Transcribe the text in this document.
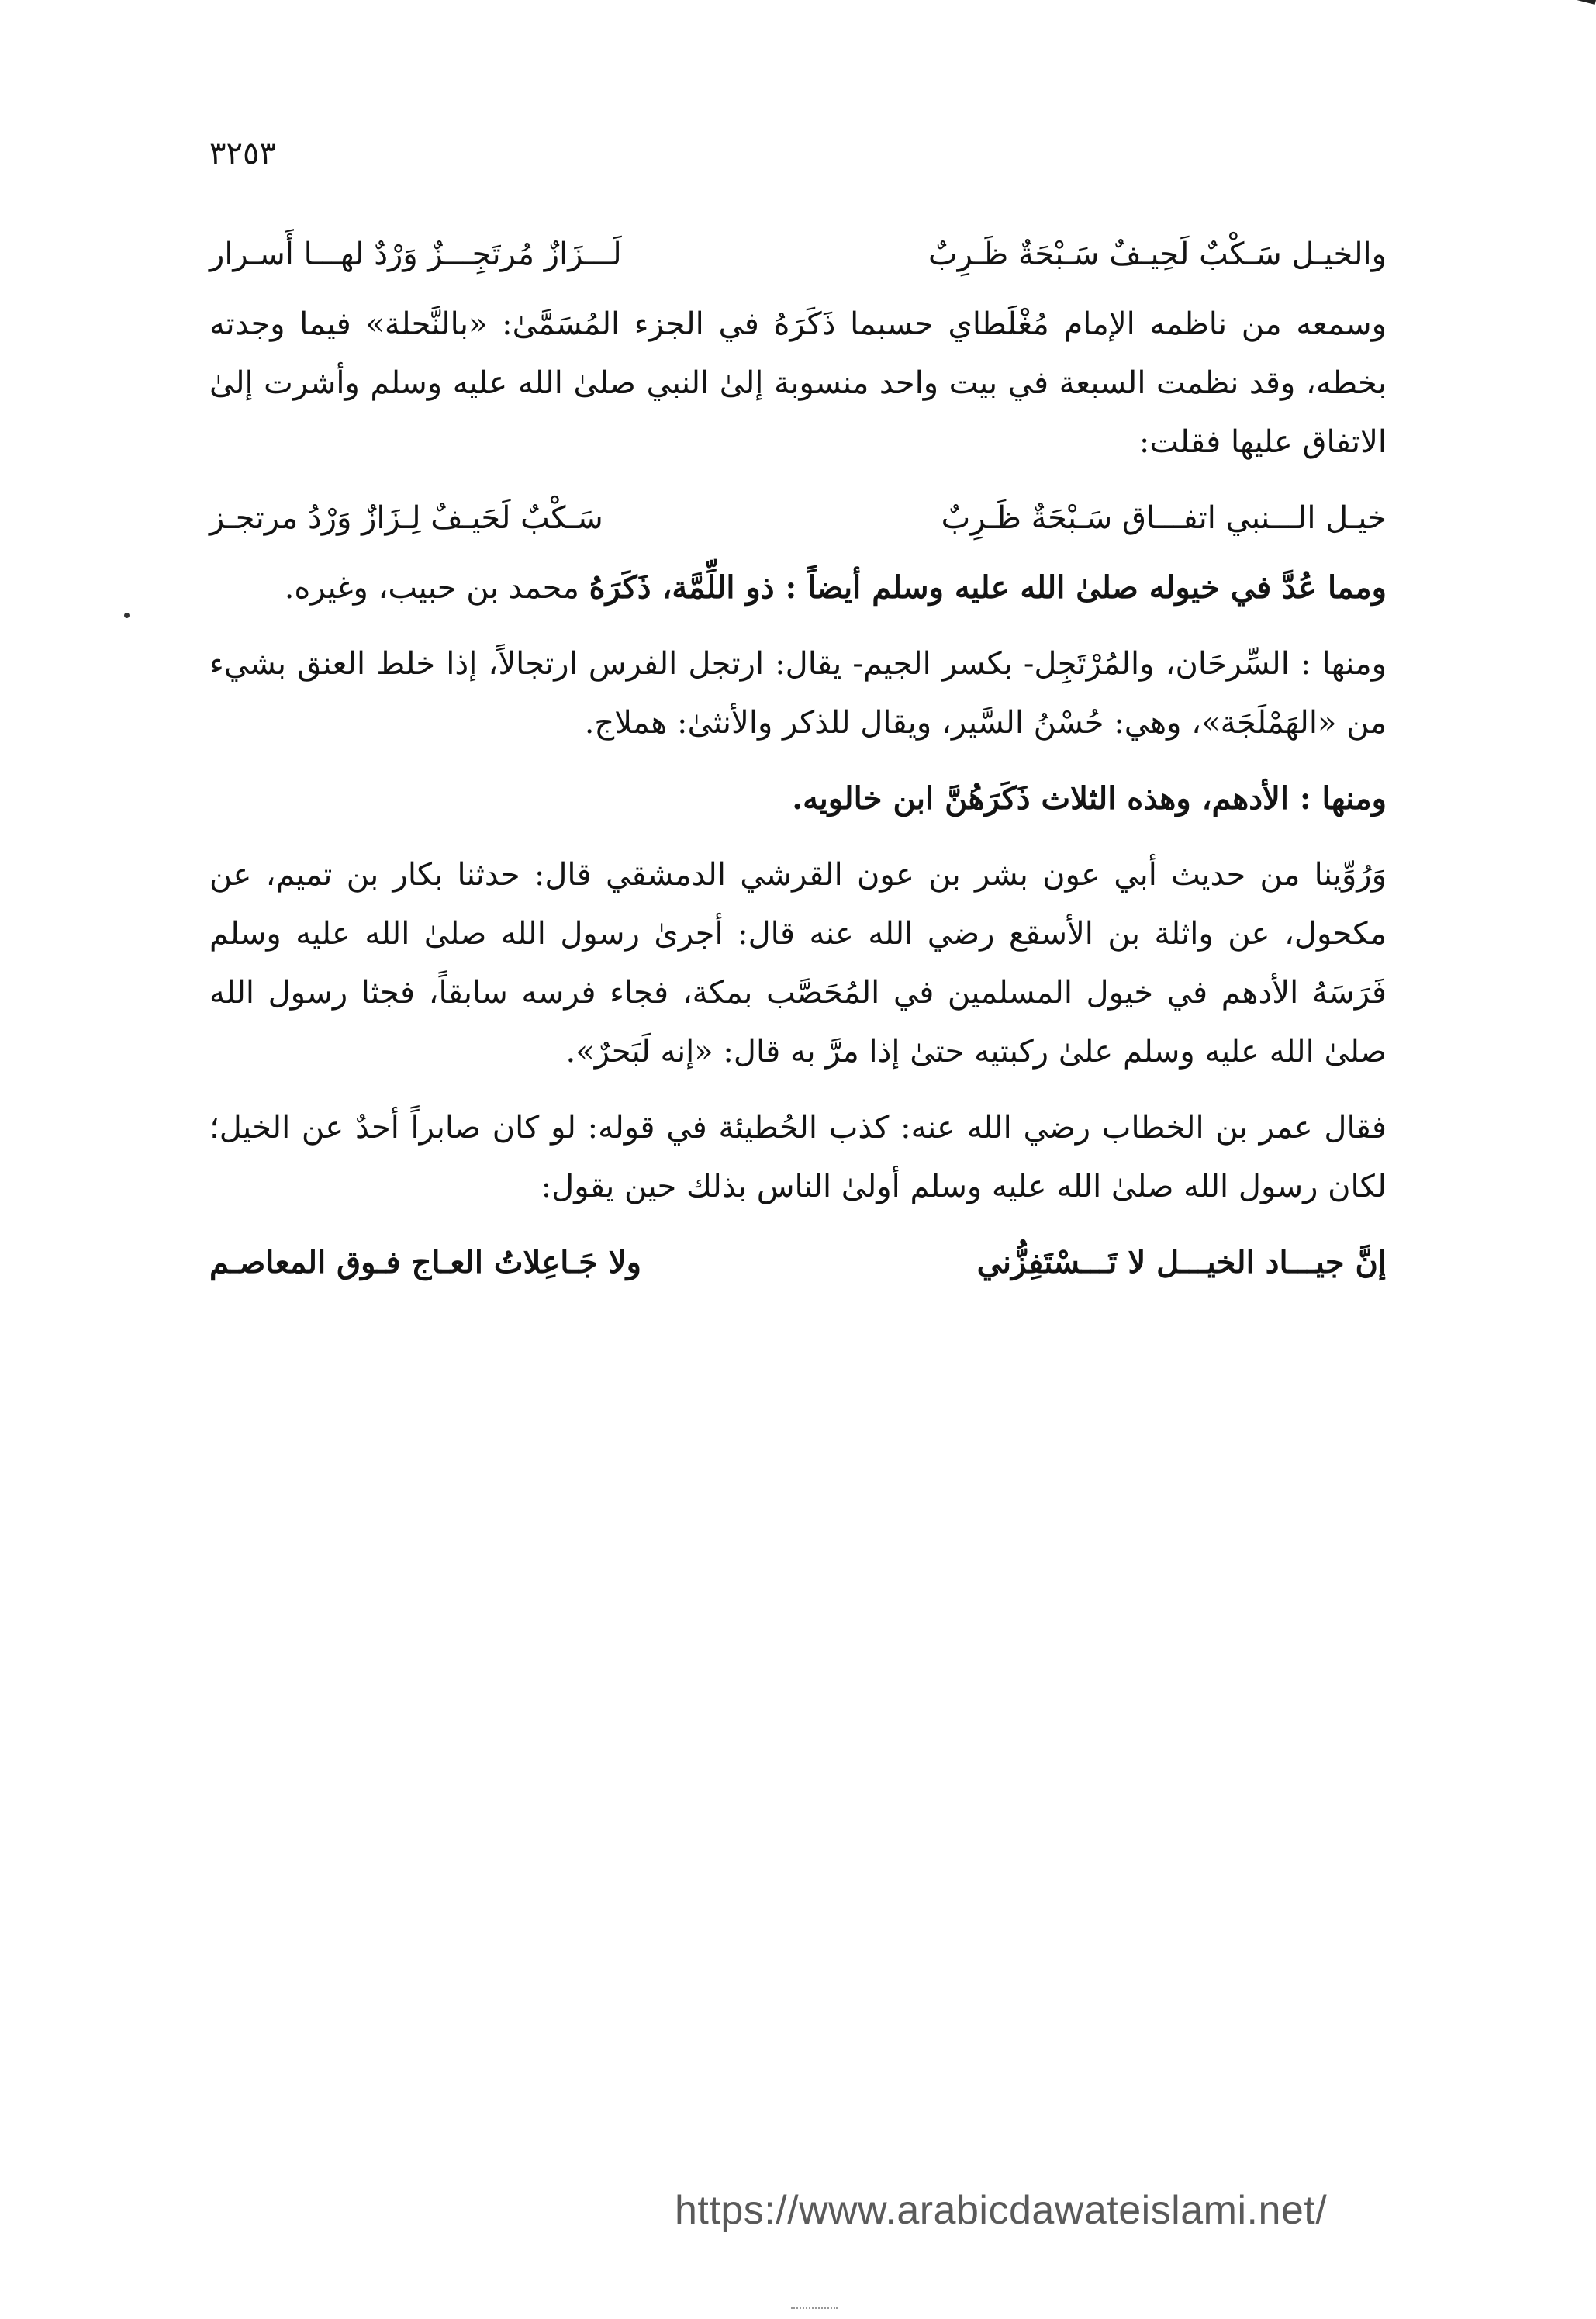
٣٢٥٣
والخيـل سَـكْبٌ لَحِيـفٌ سَـبْحَةٌ ظَـرِبٌ
لَـــزَازٌ مُرتَجِـــزٌ وَرْدٌ لهـــا أَسـرار

وسمعه من ناظمه الإمام مُغْلَطاي حسبما ذَكَرَهُ في الجزء المُسَمَّىٰ: «بالنَّحلة» فيما وجدته بخطه، وقد نظمت السبعة في بيت واحد منسوبة إلىٰ النبي صلىٰ الله عليه وسلم وأشرت إلىٰ الاتفاق عليها فقلت:

خيـل الـــنبي اتفـــاق سَـبْحَةٌ ظَـرِبٌ
سَـكْبٌ لَحَيـفٌ لِـزَازٌ وَرْدُ مرتجـز

ومما عُدَّ في خيوله صلىٰ الله عليه وسلم أيضاً : ذو اللِّمَّة، ذَكَرَهُ محمد بن حبيب، وغيره.

ومنها : السِّرحَان، والمُرْتَجِل- بكسر الجيم- يقال: ارتجل الفرس ارتجالاً، إذا خلط العنق بشيء من «الهَمْلَجَة»، وهي: حُسْنُ السَّير، ويقال للذكر والأنثىٰ: هملاج.

ومنها : الأدهم، وهذه الثلاث ذَكَرَهُنَّ ابن خالويه.

وَرُوِّينا من حديث أبي عون بشر بن عون القرشي الدمشقي قال: حدثنا بكار بن تميم، عن مكحول، عن واثلة بن الأسقع رضي الله عنه قال: أجرىٰ رسول الله صلىٰ الله عليه وسلم فَرَسَهُ الأدهم في خيول المسلمين في المُحَصَّب بمكة، فجاء فرسه سابقاً، فجثا رسول الله صلىٰ الله عليه وسلم علىٰ ركبتيه حتىٰ إذا مرَّ به قال: «إنه لَبَحرٌ».

فقال عمر بن الخطاب رضي الله عنه: كذب الحُطيئة في قوله: لو كان صابراً أحدٌ عن الخيل؛ لكان رسول الله صلىٰ الله عليه وسلم أولىٰ الناس بذلك حين يقول:

إنَّ جيـــاد الخيـــل لا تَـــسْتَفِزُّني
ولا جَـاعِلاتُ العـاج فـوق المعاصـم
https://www.arabicdawateislami.net/
